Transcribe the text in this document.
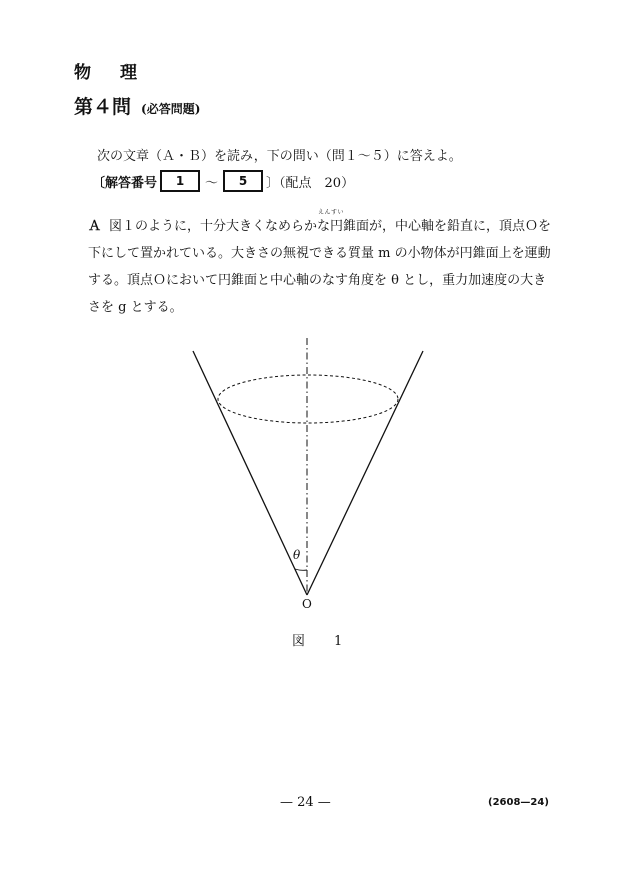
物　理
第４問 (必答問題)
次の文章（Ａ・Ｂ）を読み，下の問い（問１～５）に答えよ。
〔解答番号	1	～	5	〕（配点　20）
えんすい
Ａ 図１のように，十分大きくなめらかな円錐面が，中心軸を鉛直に，頂点Ｏを
下にして置かれている。大きさの無視できる質量 m の小物体が円錐面上を運動
する。頂点Ｏにおいて円錐面と中心軸のなす角度を θ とし，重力加速度の大き
さを g とする。
θ
O
図　1
— 24 —	(2608—24)
